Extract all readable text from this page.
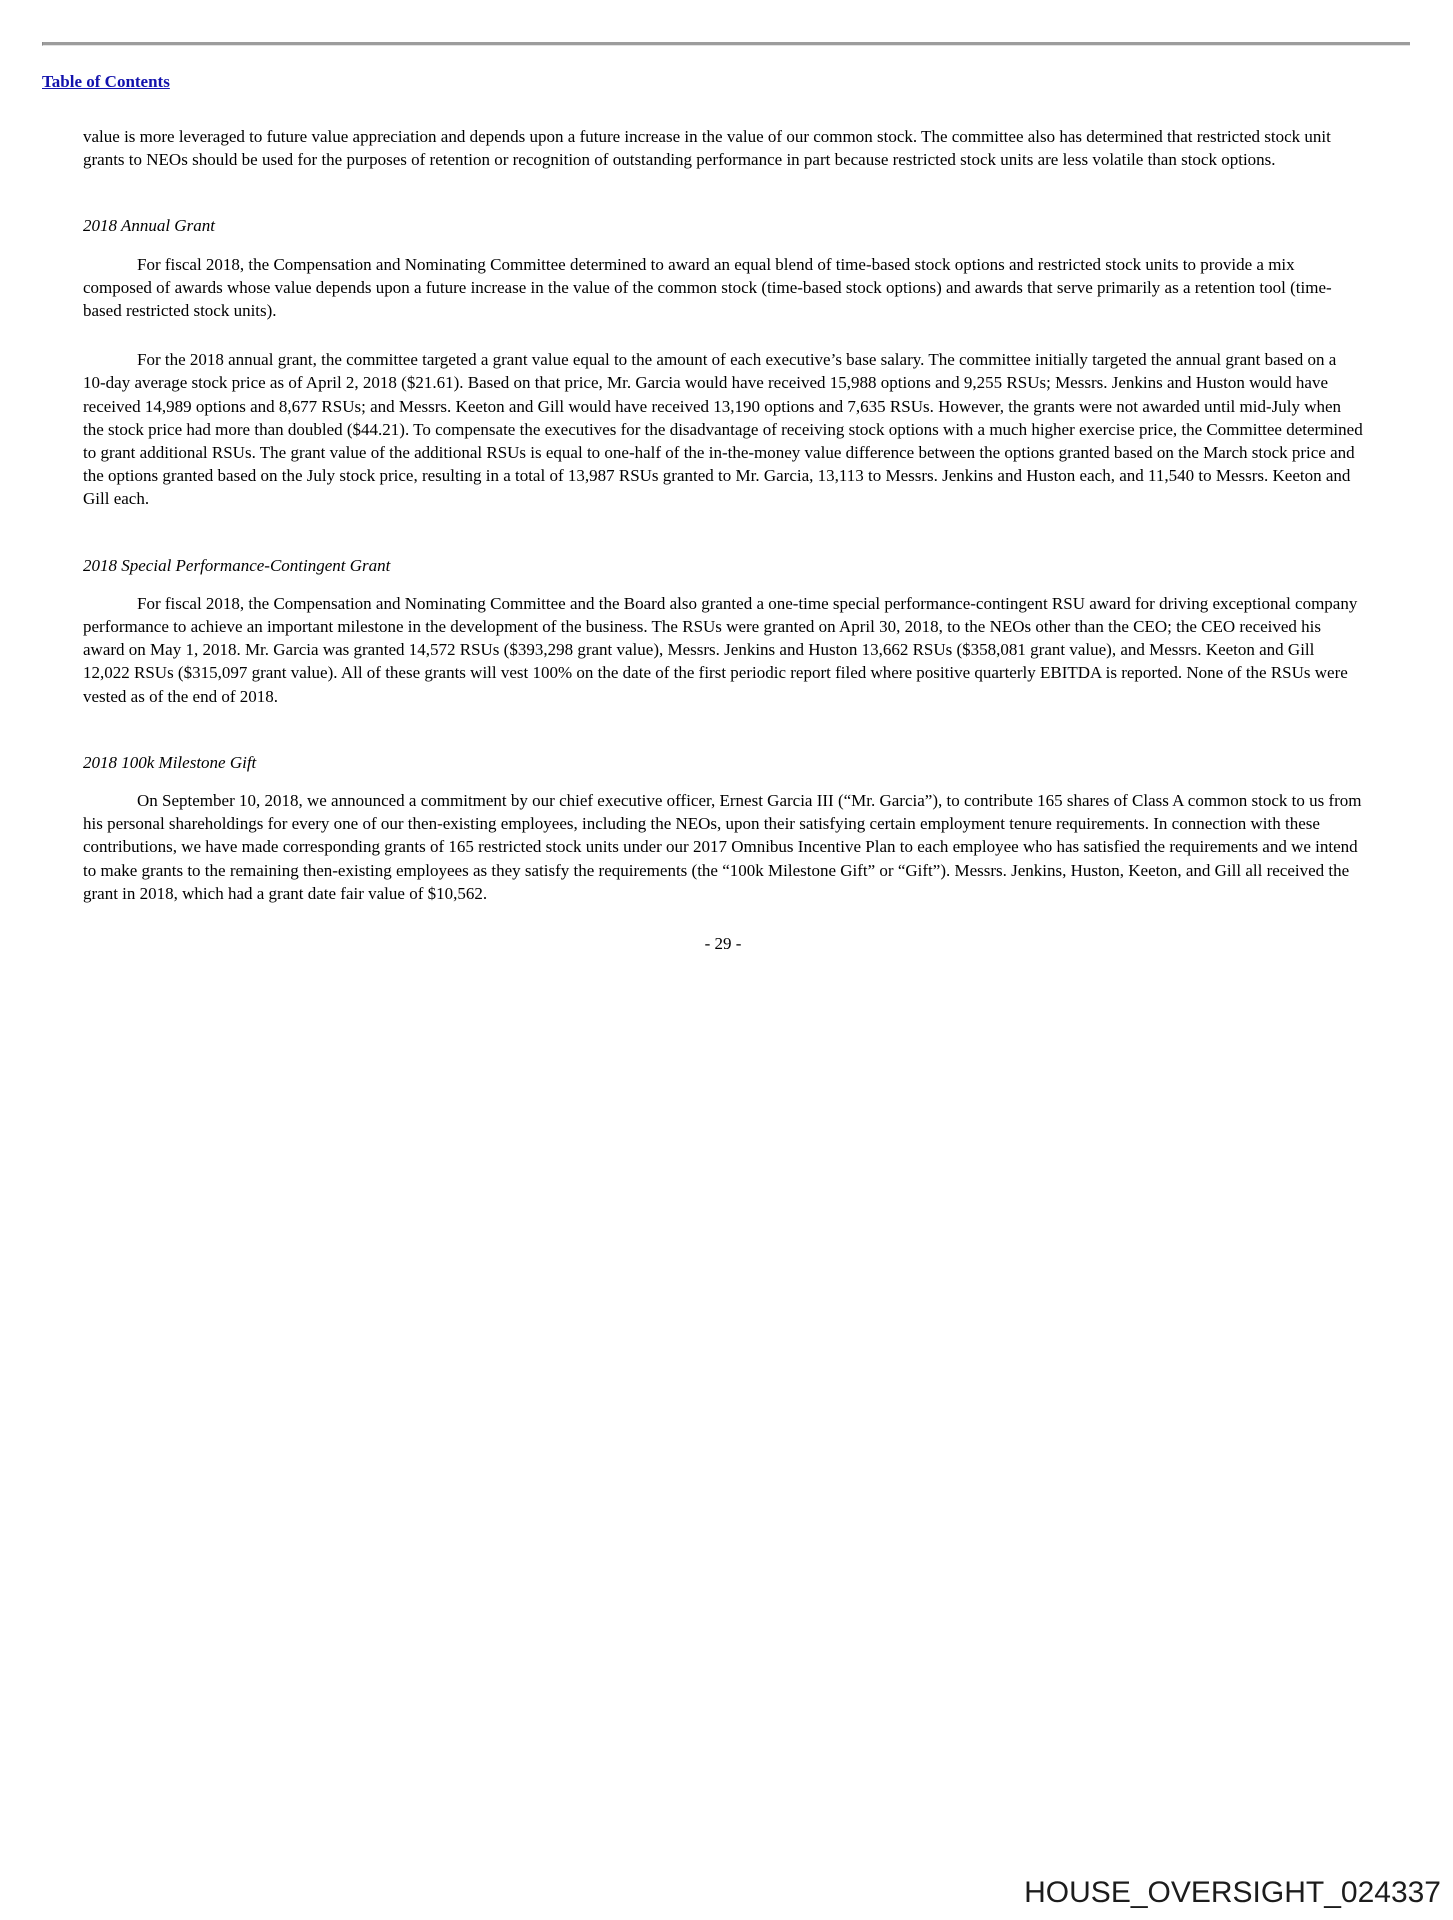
Table of Contents

value is more leveraged to future value appreciation and depends upon a future increase in the value of our common stock. The committee also has determined that restricted stock unit grants to NEOs should be used for the purposes of retention or recognition of outstanding performance in part because restricted stock units are less volatile than stock options.

2018 Annual Grant

For fiscal 2018, the Compensation and Nominating Committee determined to award an equal blend of time-based stock options and restricted stock units to provide a mix composed of awards whose value depends upon a future increase in the value of the common stock (time-based stock options) and awards that serve primarily as a retention tool (time-based restricted stock units).

For the 2018 annual grant, the committee targeted a grant value equal to the amount of each executive’s base salary. The committee initially targeted the annual grant based on a 10-day average stock price as of April 2, 2018 ($21.61). Based on that price, Mr. Garcia would have received 15,988 options and 9,255 RSUs; Messrs. Jenkins and Huston would have received 14,989 options and 8,677 RSUs; and Messrs. Keeton and Gill would have received 13,190 options and 7,635 RSUs. However, the grants were not awarded until mid-July when the stock price had more than doubled ($44.21). To compensate the executives for the disadvantage of receiving stock options with a much higher exercise price, the Committee determined to grant additional RSUs. The grant value of the additional RSUs is equal to one-half of the in-the-money value difference between the options granted based on the March stock price and the options granted based on the July stock price, resulting in a total of 13,987 RSUs granted to Mr. Garcia, 13,113 to Messrs. Jenkins and Huston each, and 11,540 to Messrs. Keeton and Gill each.

2018 Special Performance-Contingent Grant

For fiscal 2018, the Compensation and Nominating Committee and the Board also granted a one-time special performance-contingent RSU award for driving exceptional company performance to achieve an important milestone in the development of the business. The RSUs were granted on April 30, 2018, to the NEOs other than the CEO; the CEO received his award on May 1, 2018. Mr. Garcia was granted 14,572 RSUs ($393,298 grant value), Messrs. Jenkins and Huston 13,662 RSUs ($358,081 grant value), and Messrs. Keeton and Gill 12,022 RSUs ($315,097 grant value). All of these grants will vest 100% on the date of the first periodic report filed where positive quarterly EBITDA is reported. None of the RSUs were vested as of the end of 2018.

2018 100k Milestone Gift

On September 10, 2018, we announced a commitment by our chief executive officer, Ernest Garcia III (“Mr. Garcia”), to contribute 165 shares of Class A common stock to us from his personal shareholdings for every one of our then-existing employees, including the NEOs, upon their satisfying certain employment tenure requirements. In connection with these contributions, we have made corresponding grants of 165 restricted stock units under our 2017 Omnibus Incentive Plan to each employee who has satisfied the requirements and we intend to make grants to the remaining then-existing employees as they satisfy the requirements (the “100k Milestone Gift” or “Gift”). Messrs. Jenkins, Huston, Keeton, and Gill all received the grant in 2018, which had a grant date fair value of $10,562.

- 29 -
HOUSE_OVERSIGHT_024337
